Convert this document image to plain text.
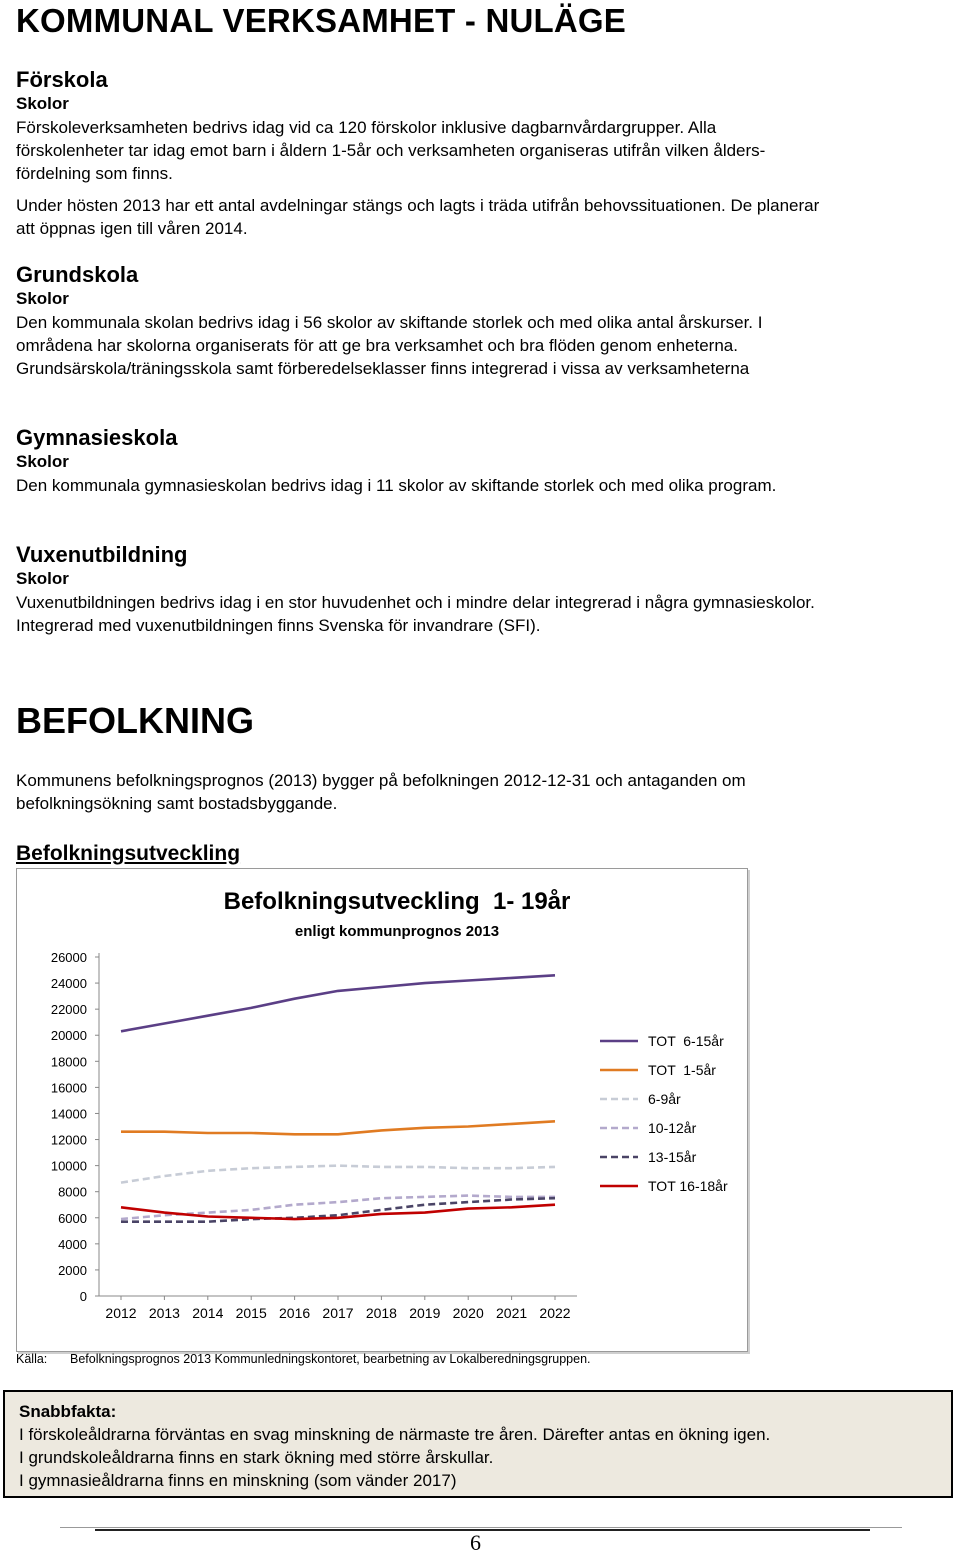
KOMMUNAL VERKSAMHET - NULÄGE
Förskola
Skolor
Förskoleverksamheten bedrivs idag vid ca 120 förskolor inklusive dagbarnvårdargrupper. Alla
förskolenheter tar idag emot barn i åldern 1-5år och verksamheten organiseras utifrån vilken ålders-
fördelning som finns.
Under hösten 2013 har ett antal avdelningar stängs och lagts i träda utifrån behovssituationen. De planerar
att öppnas igen till våren 2014.
Grundskola
Skolor
Den kommunala skolan bedrivs idag i 56 skolor av skiftande storlek och med olika antal årskurser. I
områdena har skolorna organiserats för att ge bra verksamhet och bra flöden genom enheterna.
Grundsärskola/träningsskola samt förberedelseklasser finns integrerad i vissa av verksamheterna
Gymnasieskola
Skolor
Den kommunala gymnasieskolan bedrivs idag i 11 skolor av skiftande storlek och med olika program.
Vuxenutbildning
Skolor
Vuxenutbildningen bedrivs idag i en stor huvudenhet och i mindre delar integrerad i några gymnasieskolor.
Integrerad med vuxenutbildningen finns Svenska för invandrare (SFI).
BEFOLKNING
Kommunens befolkningsprognos (2013) bygger på befolkningen 2012-12-31 och antaganden om
befolkningsökning samt bostadsbyggande.
Befolkningsutveckling
Befolkningsutveckling  1- 19år
enligt kommunprognos 2013
0
2000
4000
6000
8000
10000
12000
14000
16000
18000
20000
22000
24000
26000
2012 2013 2014 2015 2016 2017 2018 2019 2020 2021 2022
TOT  6-15år
TOT  1-5år
6-9år
10-12år
13-15år
TOT 16-18år
Källa: Befolkningsprognos 2013 Kommunledningskontoret, bearbetning av Lokalberedningsgruppen.
Snabbfakta:
I förskoleåldrarna förväntas en svag minskning de närmaste tre åren. Därefter antas en ökning igen.
I grundskoleåldrarna finns en stark ökning med större årskullar.
I gymnasieåldrarna finns en minskning (som vänder 2017)
6
